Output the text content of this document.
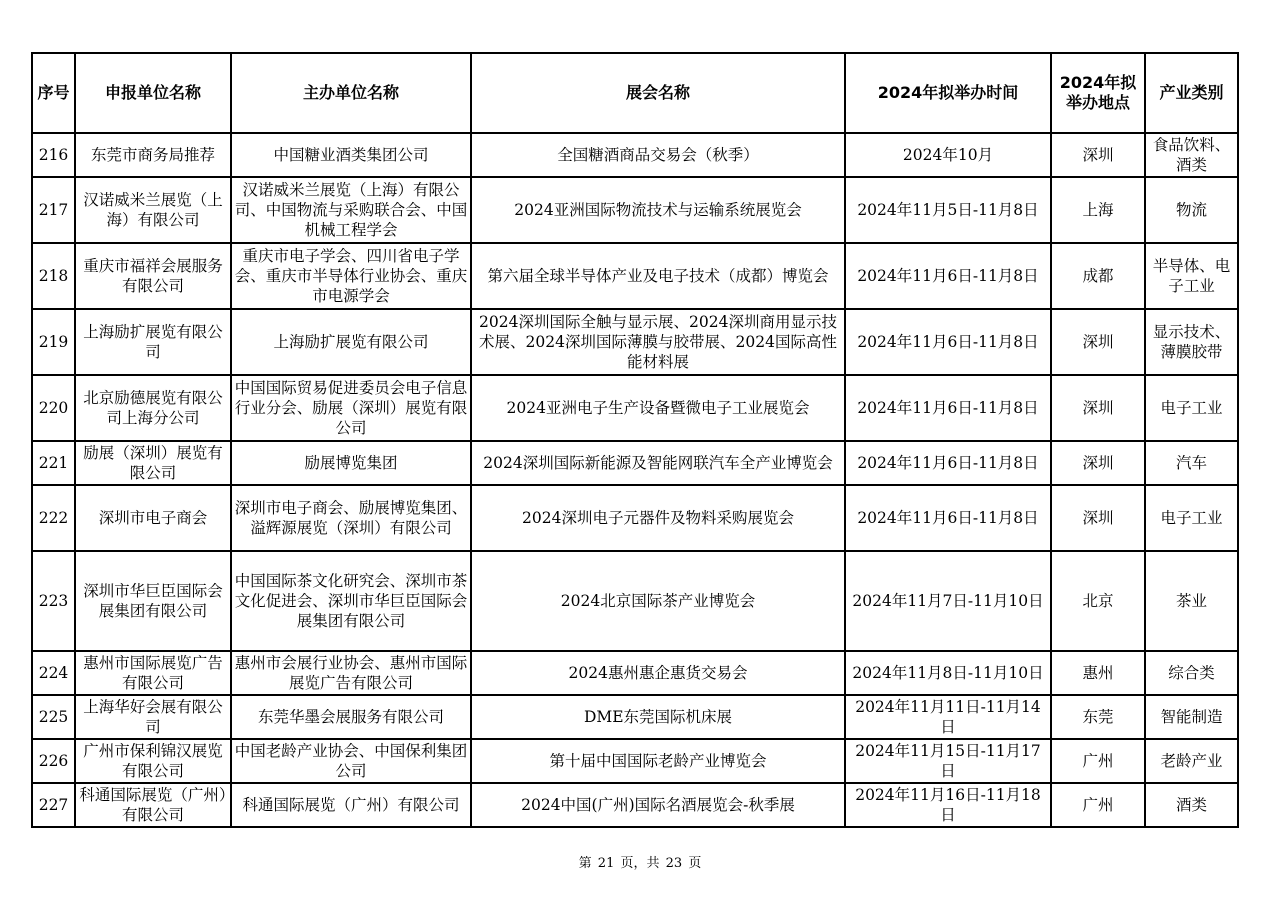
序号	申报单位名称	主办单位名称	展会名称	2024年拟举办时间	2024年拟举办地点	产业类别
216	东莞市商务局推荐	中国糖业酒类集团公司	全国糖酒商品交易会（秋季）	2024年10月	深圳	食品饮料、酒类
217	汉诺威米兰展览（上海）有限公司	汉诺威米兰展览（上海）有限公司、中国物流与采购联合会、中国机械工程学会	2024亚洲国际物流技术与运输系统展览会	2024年11月5日-11月8日	上海	物流
218	重庆市福祥会展服务有限公司	重庆市电子学会、四川省电子学会、重庆市半导体行业协会、重庆市电源学会	第六届全球半导体产业及电子技术（成都）博览会	2024年11月6日-11月8日	成都	半导体、电子工业
219	上海励扩展览有限公司	上海励扩展览有限公司	2024深圳国际全触与显示展、2024深圳商用显示技术展、2024深圳国际薄膜与胶带展、2024国际高性能材料展	2024年11月6日-11月8日	深圳	显示技术、薄膜胶带
220	北京励德展览有限公司上海分公司	中国国际贸易促进委员会电子信息行业分会、励展（深圳）展览有限公司	2024亚洲电子生产设备暨微电子工业展览会	2024年11月6日-11月8日	深圳	电子工业
221	励展（深圳）展览有限公司	励展博览集团	2024深圳国际新能源及智能网联汽车全产业博览会	2024年11月6日-11月8日	深圳	汽车
222	深圳市电子商会	深圳市电子商会、励展博览集团、溢辉源展览（深圳）有限公司	2024深圳电子元器件及物料采购展览会	2024年11月6日-11月8日	深圳	电子工业
223	深圳市华巨臣国际会展集团有限公司	中国国际茶文化研究会、深圳市茶文化促进会、深圳市华巨臣国际会展集团有限公司	2024北京国际茶产业博览会	2024年11月7日-11月10日	北京	茶业
224	惠州市国际展览广告有限公司	惠州市会展行业协会、惠州市国际展览广告有限公司	2024惠州惠企惠货交易会	2024年11月8日-11月10日	惠州	综合类
225	上海华好会展有限公司	东莞华墨会展服务有限公司	DME东莞国际机床展	2024年11月11日-11月14日	东莞	智能制造
226	广州市保利锦汉展览有限公司	中国老龄产业协会、中国保利集团公司	第十届中国国际老龄产业博览会	2024年11月15日-11月17日	广州	老龄产业
227	科通国际展览（广州）有限公司	科通国际展览（广州）有限公司	2024中国(广州)国际名酒展览会-秋季展	2024年11月16日-11月18日	广州	酒类
第 21 页，共 23 页
